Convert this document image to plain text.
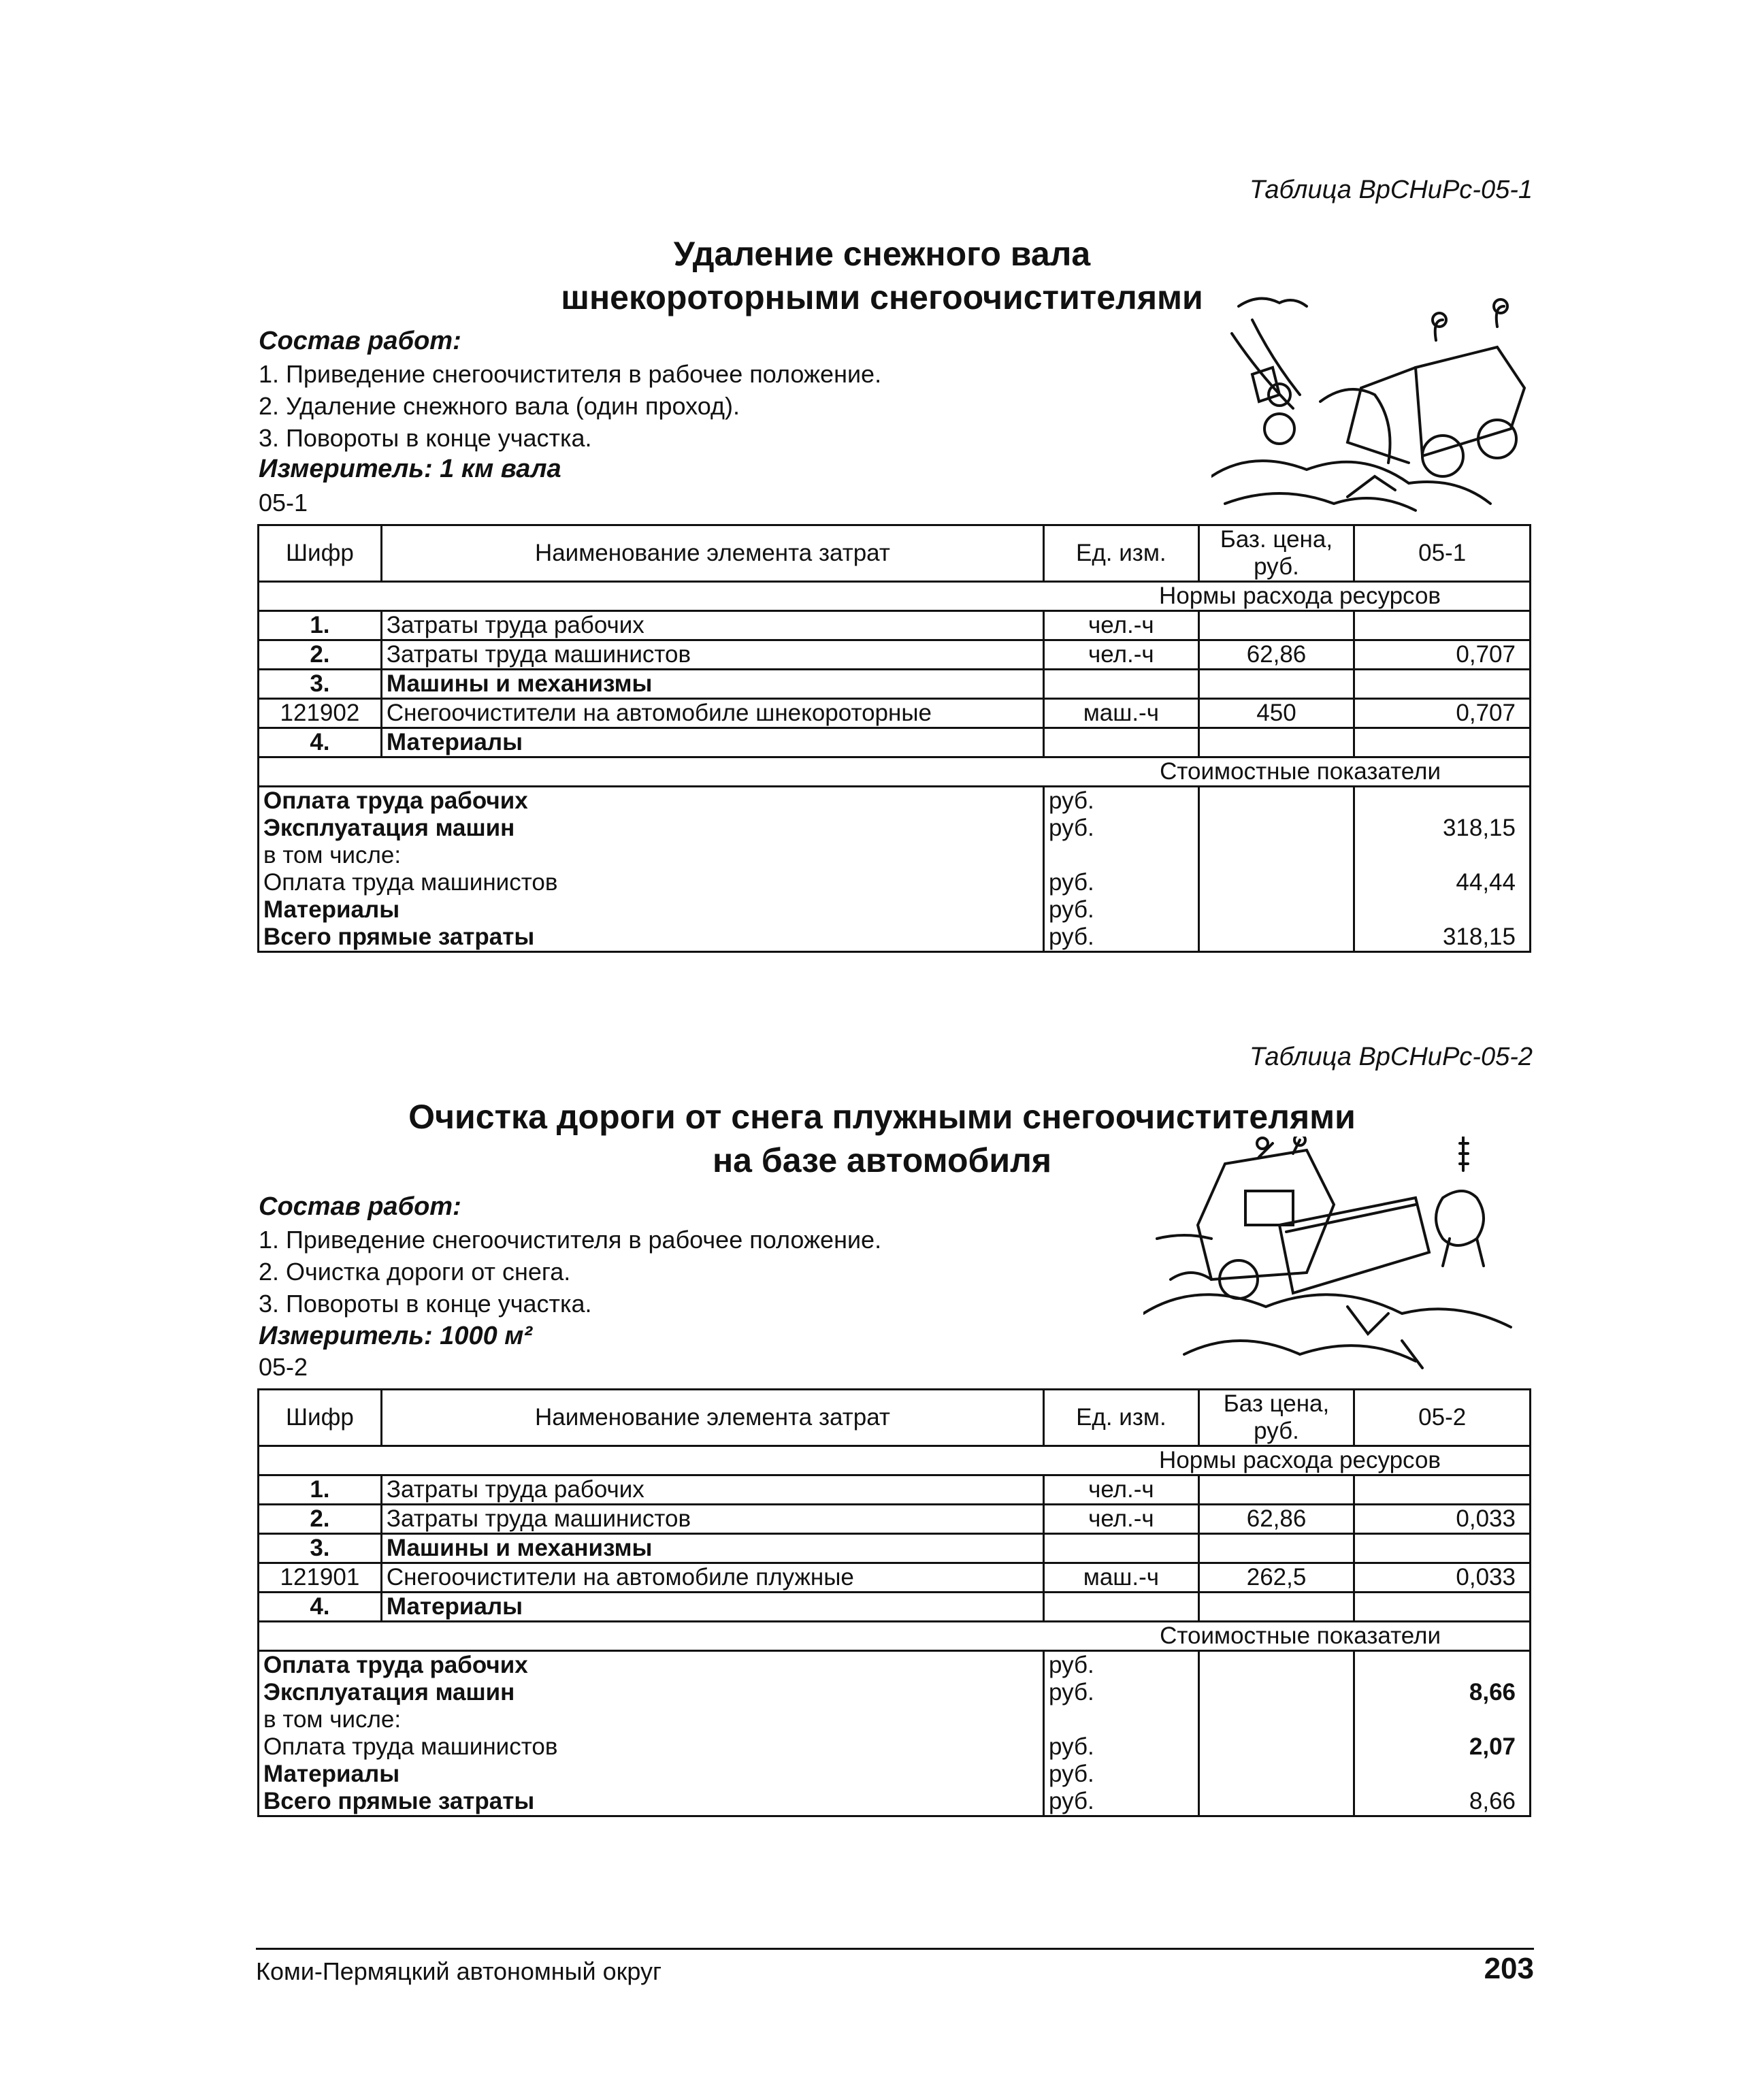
Таблица ВрСНиРс-05-1
Удаление снежного вала
шнекороторными снегоочистителями
Состав работ:
1. Приведение снегоочистителя в рабочее положение.
2. Удаление снежного вала (один проход).
3. Повороты в конце участка.
Измеритель: 1 км вала
05-1
Шифр	Наименование элемента затрат	Ед. изм.	Баз. цена, руб.	05-1
Нормы расхода ресурсов				
1.	Затраты труда рабочих	чел.-ч		
2.	Затраты труда машинистов	чел.-ч	62,86	0,707
3.	Машины и механизмы			
121902	Снегоочистители на автомобиле шнекороторные	маш.-ч	450	0,707
4.	Материалы			
Стоимостные показатели				
Оплата труда рабочих		руб.		
Эксплуатация машин		руб.		318,15
в том числе:				
Оплата труда машинистов		руб.		44,44
Материалы		руб.		
Всего прямые затраты		руб.		318,15
Таблица ВрСНиРс-05-2
Очистка дороги от снега плужными снегоочистителями
на базе автомобиля
Состав работ:
1. Приведение снегоочистителя в рабочее положение.
2. Очистка дороги от снега.
3. Повороты в конце участка.
Измеритель: 1000 м²
05-2
Шифр	Наименование элемента затрат	Ед. изм.	Баз цена, руб.	05-2
Нормы расхода ресурсов				
1.	Затраты труда рабочих	чел.-ч		
2.	Затраты труда машинистов	чел.-ч	62,86	0,033
3.	Машины и механизмы			
121901	Снегоочистители на автомобиле плужные	маш.-ч	262,5	0,033
4.	Материалы			
Стоимостные показатели				
Оплата труда рабочих		руб.		
Эксплуатация машин		руб.		8,66
в том числе:				
Оплата труда машинистов		руб.		2,07
Материалы		руб.		
Всего прямые затраты		руб.		8,66
Коми-Пермяцкий автономный округ	203
